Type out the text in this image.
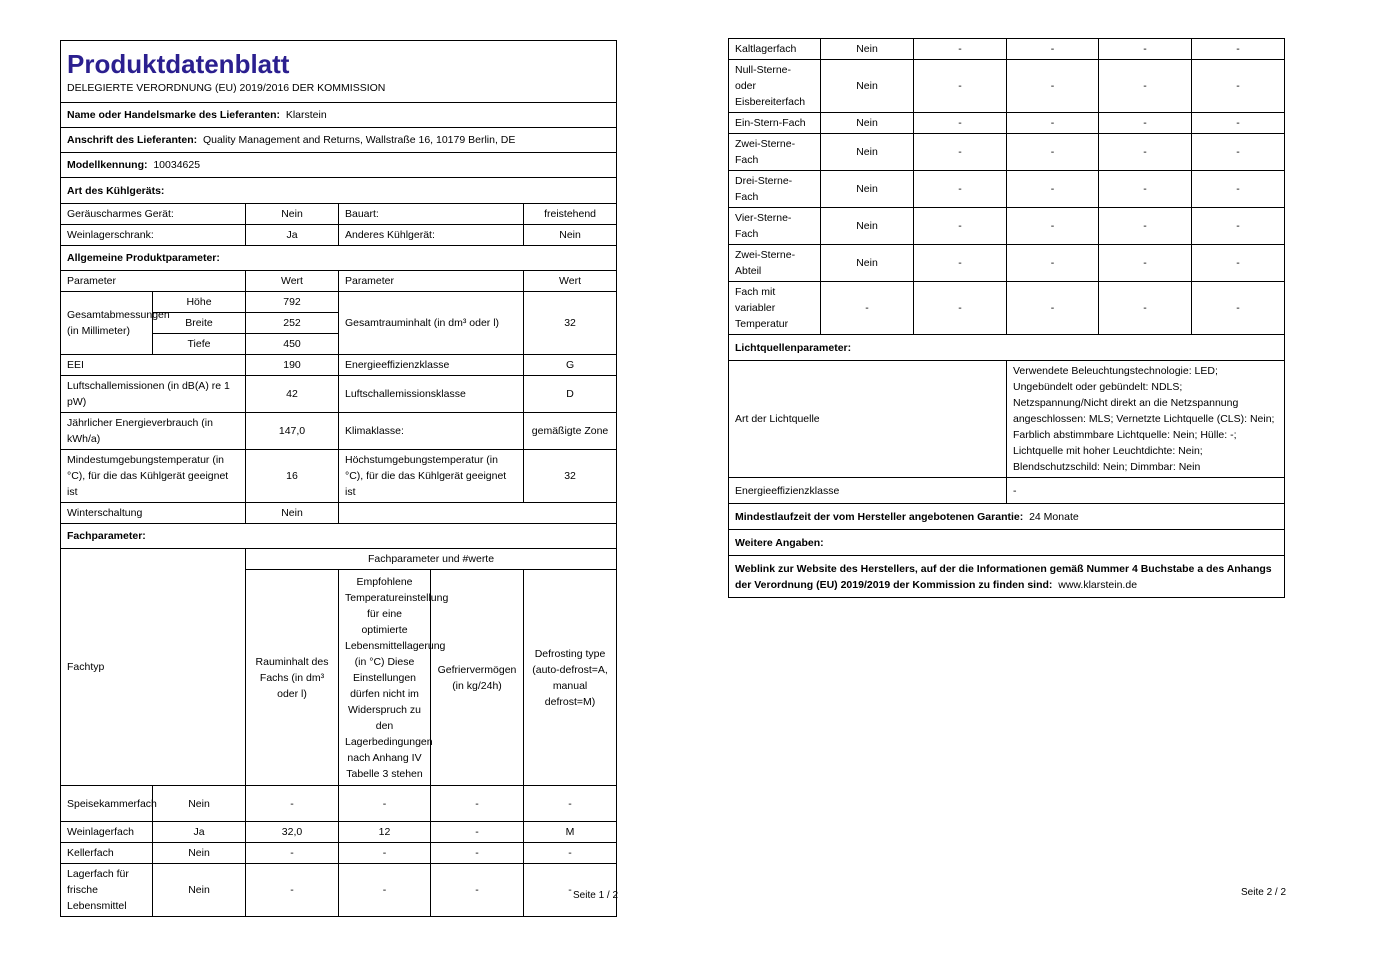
Produktdatenblatt
DELEGIERTE VERORDNUNG (EU) 2019/2016 DER KOMMISSION					

Name oder Handelsmarke des Lieferanten: Klarstein					
Anschrift des Lieferanten: Quality Management and Returns, Wallstraße 16, 10179 Berlin, DE					
Modellkennung: 10034625					
Art des Kühlgeräts:					
Geräuscharmes Gerät:		Nein	Bauart:		freistehend
Weinlagerschrank:		Ja	Anderes Kühlgerät:		Nein
Allgemeine Produktparameter:					
Parameter		Wert	Parameter		Wert
Gesamtabmessungen (in Millimeter)	Höhe	792	Gesamtrauminhalt (in dm³ oder l)		32
	Breite	252			
	Tiefe	450			
EEI		190	Energieeffizienzklasse		G
Luftschallemissionen (in dB(A) re 1 pW)		42	Luftschallemissionsklasse		D
Jährlicher Energieverbrauch (in kWh/a)		147,0	Klimaklasse:		gemäßigte Zone
Mindestumgebungstemperatur (in °C), für die das Kühlgerät geeignet ist		16	Höchstumgebungstemperatur (in °C), für die das Kühlgerät geeignet ist		32
Winterschaltung		Nein			
Fachparameter:					
Fachtyp		Fachparameter und #werte			
		Rauminhalt des Fachs (in dm³ oder l)	Empfohlene Temperatureinstellung für eine optimierte Lebensmittellagerung (in °C) Diese Einstellungen dürfen nicht im Widerspruch zu den Lagerbedingungen nach Anhang IV Tabelle 3 stehen	Gefriervermögen (in kg/24h)	Defrosting type (auto-defrost=A, manual defrost=M)
Speisekammerfach	Nein	-	-	-	-
Weinlagerfach	Ja	32,0	12	-	M
Kellerfach	Nein	-	-	-	-
Lagerfach für frische Lebensmittel	Nein	-	-	-	- Seite 1 / 2
Kaltlagerfach	Nein	-	-	-	-
Null-Sterne- oder Eisbereiterfach	Nein	-	-	-	-
Ein-Stern-Fach	Nein	-	-	-	-
Zwei-Sterne-Fach	Nein	-	-	-	-
Drei-Sterne-Fach	Nein	-	-	-	-
Vier-Sterne-Fach	Nein	-	-	-	-
Zwei-Sterne-Abteil	Nein	-	-	-	-
Fach mit variabler Temperatur	-	-	-	-	-
Lichtquellenparameter:					
Art der Lichtquelle			Verwendete Beleuchtungstechnologie: LED; Ungebündelt oder gebündelt: NDLS; Netzspannung/Nicht direkt an die Netzspannung angeschlossen: MLS; Vernetzte Lichtquelle (CLS): Nein; Farblich abstimmbare Lichtquelle: Nein; Hülle: -; Lichtquelle mit hoher Leuchtdichte: Nein; Blendschutzschild: Nein; Dimmbar: Nein		
Energieeffizienzklasse			-		
Mindestlaufzeit der vom Hersteller angebotenen Garantie: 24 Monate					
Weitere Angaben:					
Weblink zur Website des Herstellers, auf der die Informationen gemäß Nummer 4 Buchstabe a des Anhangs der Verordnung (EU) 2019/2019 der Kommission zu finden sind: www.klarstein.de					
Seite 2 / 2
